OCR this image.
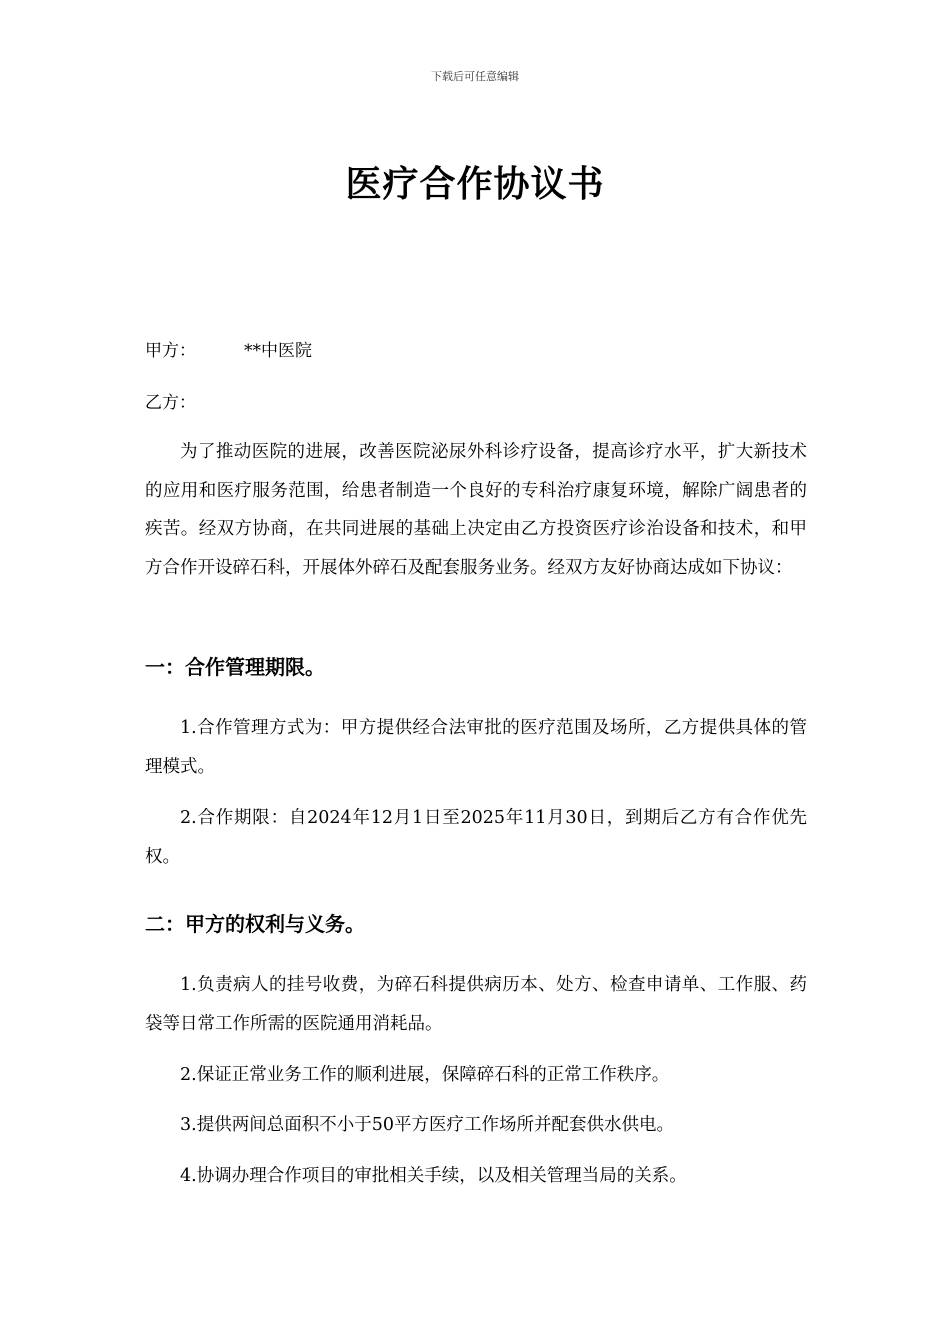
下载后可任意编辑
医疗合作协议书
甲方：	**中医院
乙方：

为了推动医院的进展，改善医院泌尿外科诊疗设备，提高诊疗水平，扩大新技术的应用和医疗服务范围，给患者制造一个良好的专科治疗康复环境，解除广阔患者的疾苦。经双方协商，在共同进展的基础上决定由乙方投资医疗诊治设备和技术，和甲方合作开设碎石科，开展体外碎石及配套服务业务。经双方友好协商达成如下协议：

一：合作管理期限。

1.合作管理方式为：甲方提供经合法审批的医疗范围及场所，乙方提供具体的管理模式。

2.合作期限：自2024年12月1日至2025年11月30日，到期后乙方有合作优先权。

二：甲方的权利与义务。

1.负责病人的挂号收费，为碎石科提供病历本、处方、检查申请单、工作服、药袋等日常工作所需的医院通用消耗品。

2.保证正常业务工作的顺利进展，保障碎石科的正常工作秩序。

3.提供两间总面积不小于50平方医疗工作场所并配套供水供电。

4.协调办理合作项目的审批相关手续，以及相关管理当局的关系。
